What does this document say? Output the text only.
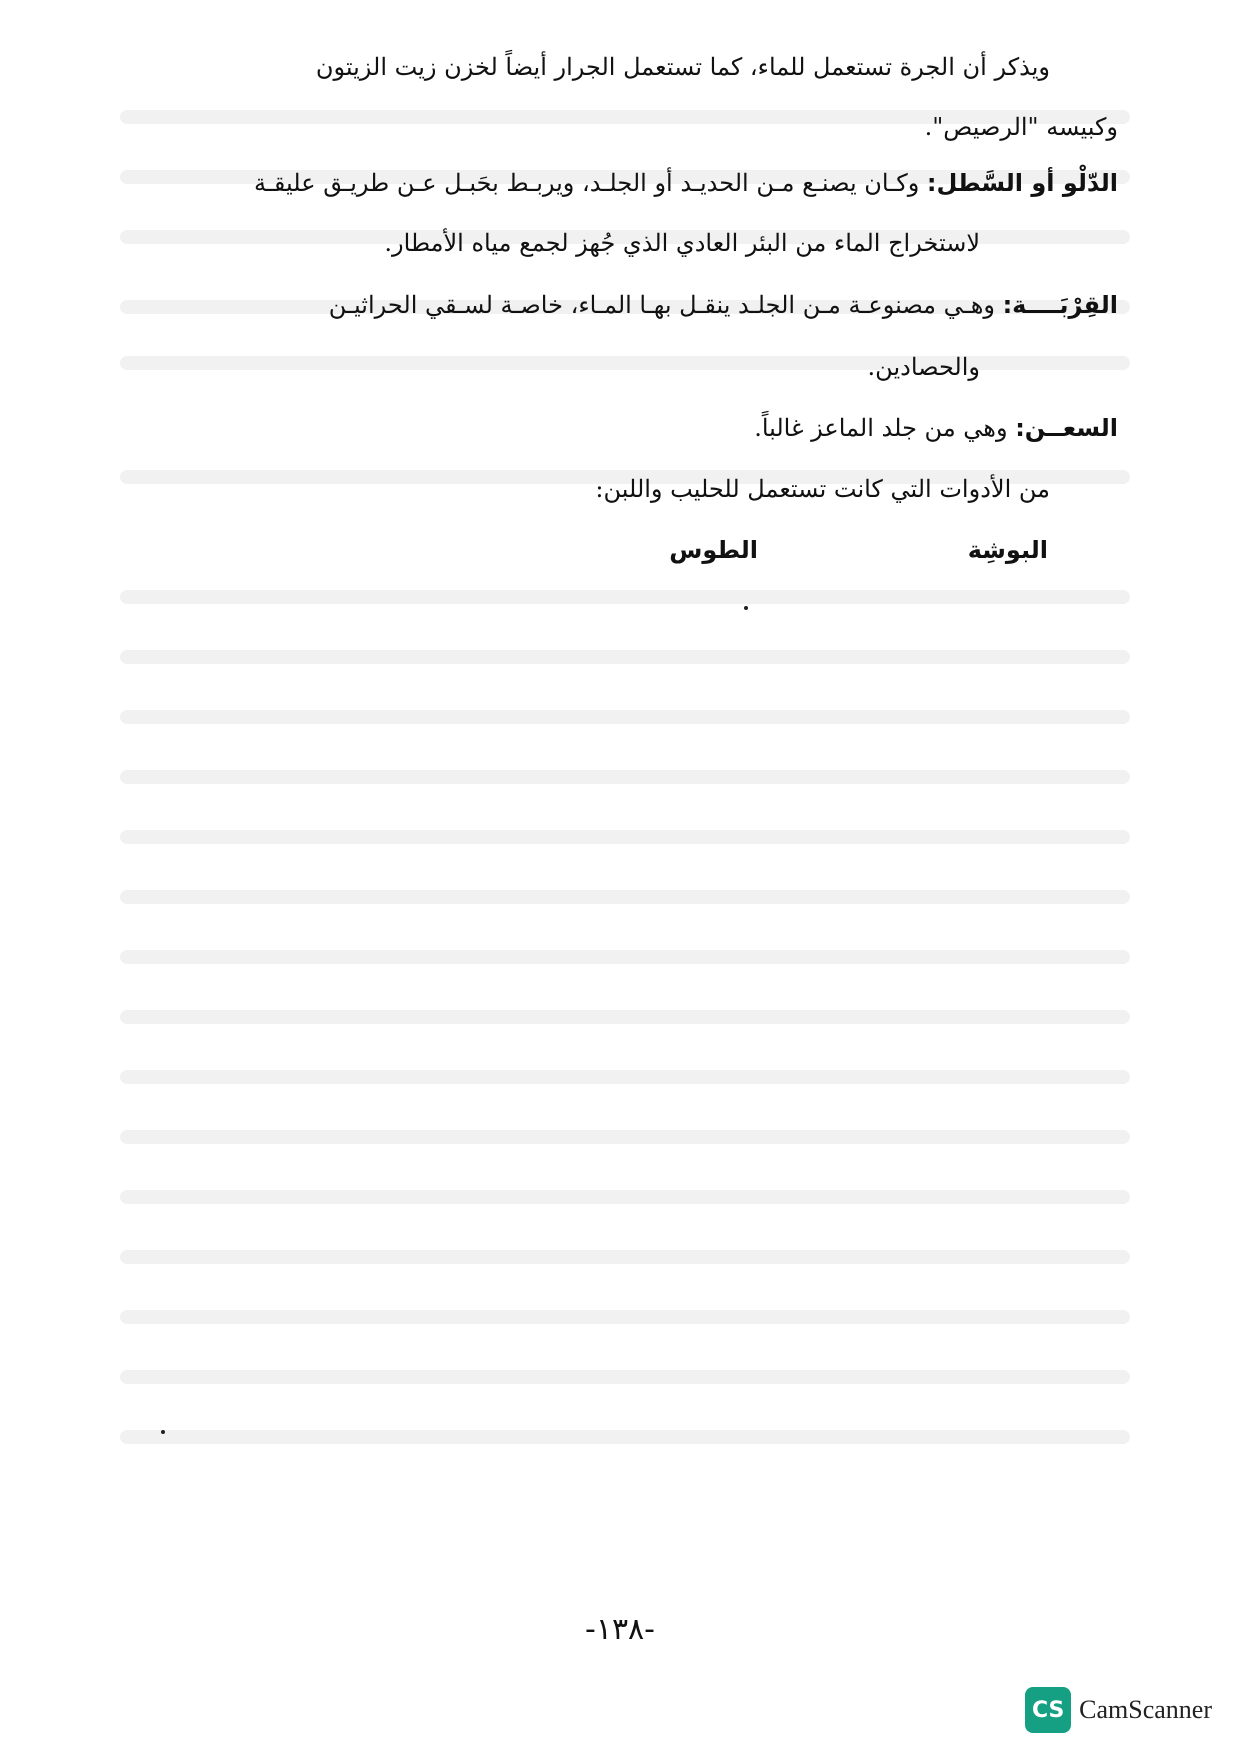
ويذكر أن الجرة تستعمل للماء، كما تستعمل الجرار أيضاً لخزن زيت الزيتون

وكبيسه "الرصيص".

الدّلْو أو السَّطل: وكـان يصنـع مـن الحديـد أو الجلـد، ويربـط بحَبـل عـن طريـق عليقـة

لاستخراج الماء من البئر العادي الذي جُهز لجمع مياه الأمطار.

القِرْبَــــة: وهـي مصنوعـة مـن الجلـد ينقـل بهـا المـاء، خاصـة لسـقي الحراثيـن

والحصادين.

السعــن: وهي من جلد الماعز غالباً.

من الأدوات التي كانت تستعمل للحليب واللبن:

البوشِة

الطوس

-١٣٨-
CS CamScanner
